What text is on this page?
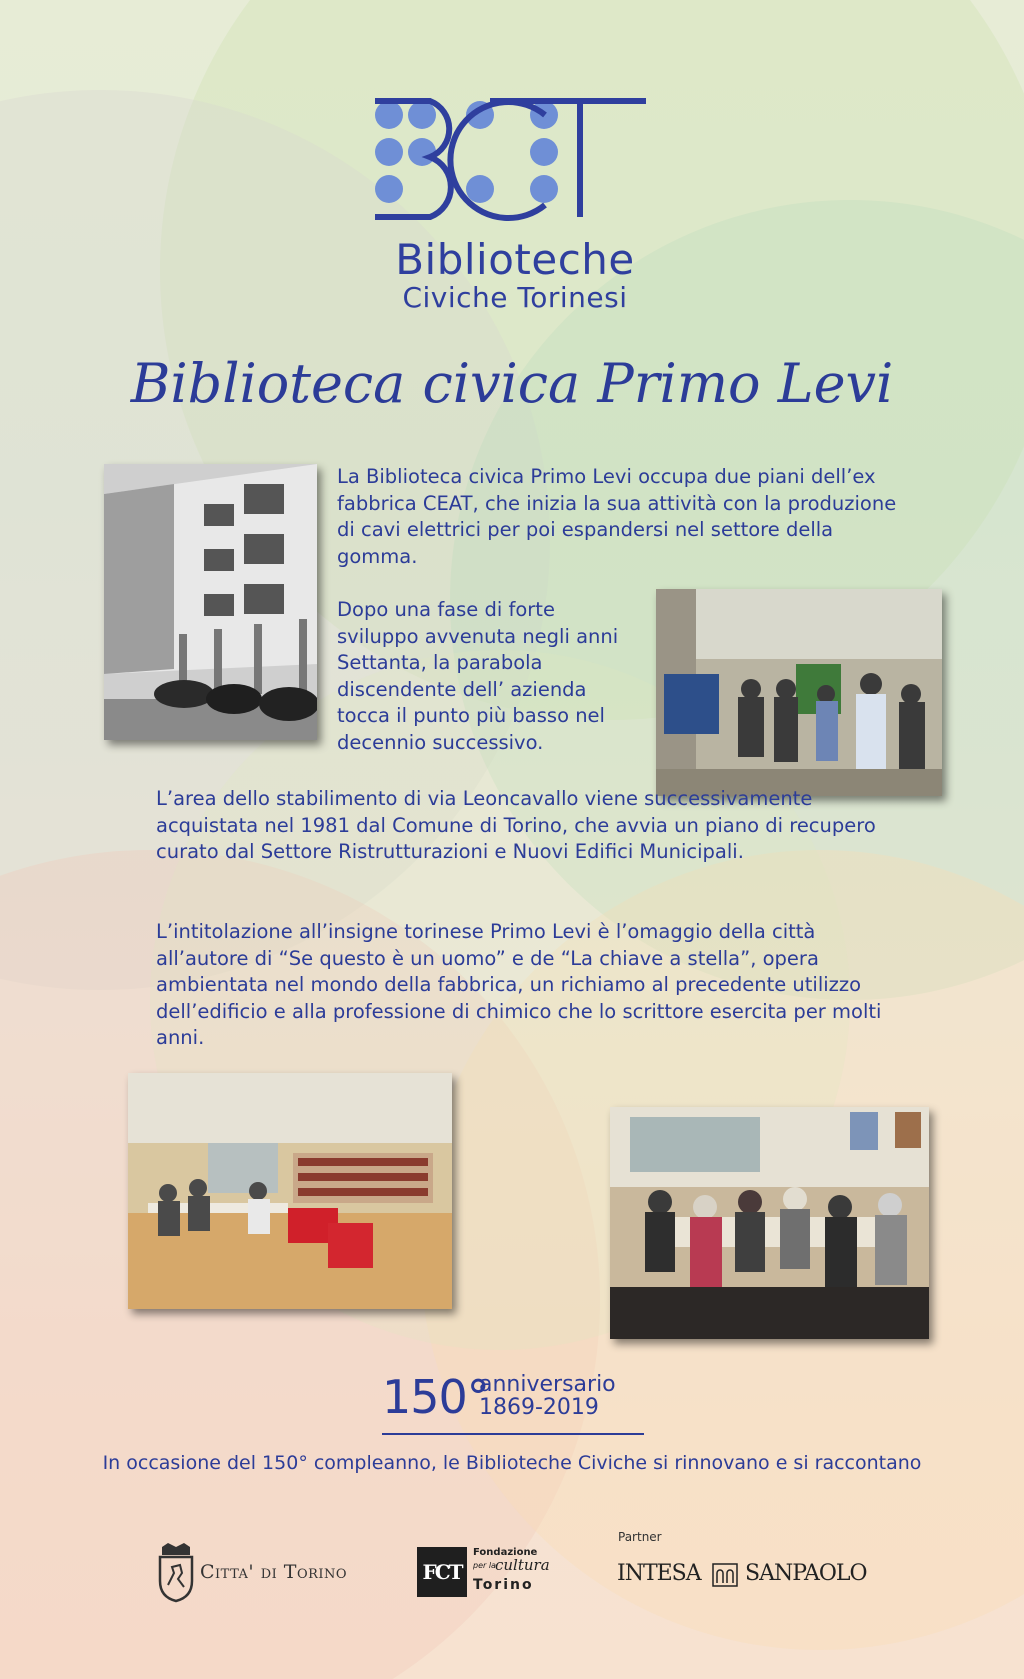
Biblioteche
Civiche Torinesi
Biblioteca civica Primo Levi
La Biblioteca civica Primo Levi occupa due piani dell’ex fabbrica CEAT, che inizia la sua attività con la produzione di cavi elettrici per poi espandersi nel settore della gomma.
Dopo una fase di forte sviluppo avvenuta negli anni Settanta, la parabola discendente dell’ azienda tocca il punto più basso nel decennio successivo.
L’area dello stabilimento di via Leoncavallo viene successivamente acquistata nel 1981 dal Comune di Torino, che avvia un piano di recupero curato dal Settore Ristrutturazioni e Nuovi Edifici Municipali.
L’intitolazione all’insigne torinese Primo Levi è l’omaggio della città all’autore di “Se questo è un uomo” e de “La chiave a stella”, opera ambientata nel mondo della fabbrica, un richiamo al precedente utilizzo dell’edificio e alla professione di chimico che lo scrittore esercita per molti anni.
150°
anniversario
1869-2019
In occasione del 150° compleanno, le Biblioteche Civiche si rinnovano e si raccontano
Partner
Citta' di Torino	FCT
Fondazione
per la cultura
Torino	INTESA SANPAOLO
